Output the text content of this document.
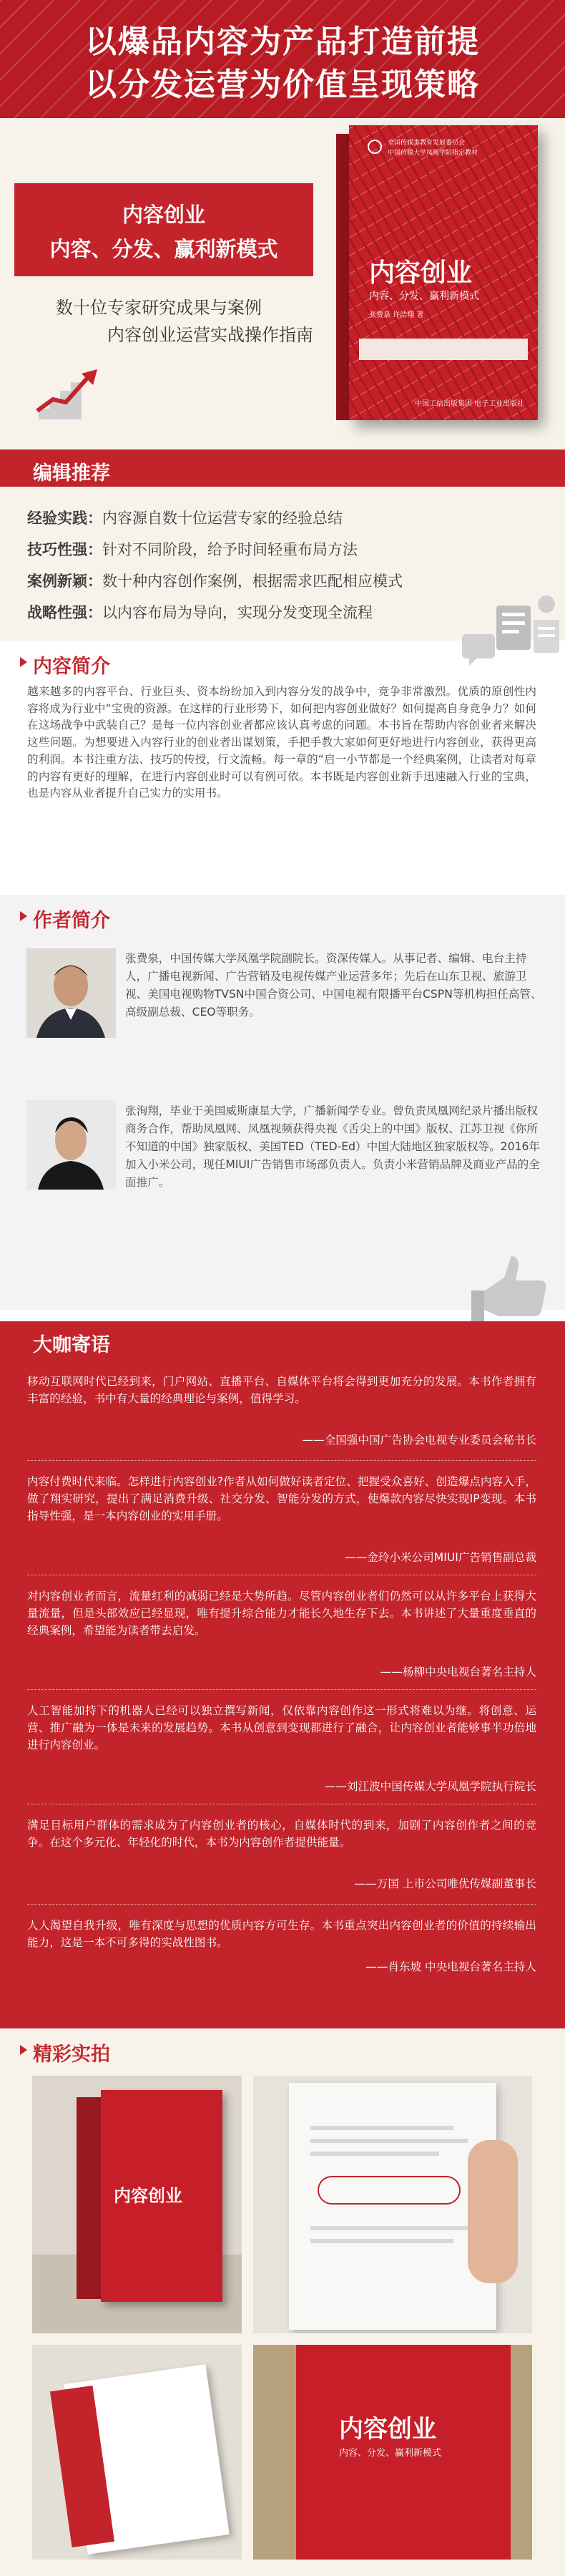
以爆品内容为产品打造前提
以分发运营为价值呈现策略
内容创业
内容、分发、赢利新模式
数十位专家研究成果与案例
内容创业运营实战操作指南
全国传媒类教育发展委员会
中国传媒大学凤凰学院指定教材
内容创业
内容、分发、赢利新模式
张费泉 许浩翔 著
中国工信出版集团 电子工业出版社
编辑推荐
经验实践：内容源自数十位运营专家的经验总结
技巧性强：针对不同阶段，给予时间轻重布局方法
案例新颖：数十种内容创作案例，根据需求匹配相应模式
战略性强：以内容布局为导向，实现分发变现全流程
内容简介
越来越多的内容平台、行业巨头、资本纷纷加入到内容分发的战争中，竞争非常激烈。优质的原创性内容将成为行业中“宝贵的资源。在这样的行业形势下，如何把内容创业做好？如何提高自身竞争力？如何在这场战争中武装自己？是每一位内容创业者都应该认真考虑的问题。本书旨在帮助内容创业者来解决这些问题。为想要进入内容行业的创业者出谋划策，手把手教大家如何更好地进行内容创业，获得更高的利润。本书注重方法、技巧的传授，行文流畅。每一章的“启一小节都是一个经典案例，让读者对每章的内容有更好的理解，在进行内容创业时可以有例可依。本书既是内容创业新手迅速融入行业的宝典，也是内容从业者提升自己实力的实用书。
作者简介
张费泉，中国传媒大学凤凰学院副院长。资深传媒人。从事记者、编辑、电台主持人，广播电视新闻、广告营销及电视传媒产业运营多年；先后在山东卫视、旅游卫视、美国电视购物TVSN中国合资公司、中国电视有限播平台CSPN等机构担任高管、高级副总裁、CEO等职务。
张洵翔，毕业于美国威斯康星大学，广播新闻学专业。曾负责凤凰网纪录片播出版权商务合作，帮助凤凰网、凤凰视频获得央视《舌尖上的中国》版权、江苏卫视《你所不知道的中国》独家版权、美国TED（TED-Ed）中国大陆地区独家版权等。2016年加入小米公司，现任MIUI广告销售市场部负责人。负责小米营销品牌及商业产品的全面推广。
大咖寄语

移动互联网时代已经到来，门户网站、直播平台、自媒体平台将会得到更加充分的发展。本书作者拥有丰富的经验，书中有大量的经典理论与案例，值得学习。

——全国强中国广告协会电视专业委员会秘书长

内容付费时代来临。怎样进行内容创业?作者从如何做好读者定位、把握受众喜好、创造爆点内容入手，做了翔实研究，提出了满足消费升级、社交分发、智能分发的方式，使爆款内容尽快实现IP变现。本书指导性强，是一本内容创业的实用手册。

——金玲小米公司MIUI广告销售副总裁

对内容创业者而言，流量红利的减弱已经是大势所趋。尽管内容创业者们仍然可以从许多平台上获得大量流量，但是头部效应已经显现，唯有提升综合能力才能长久地生存下去。本书讲述了大量重度垂直的经典案例，希望能为读者带去启发。

——杨柳中央电视台著名主持人

人工智能加持下的机器人已经可以独立撰写新闻，仅依靠内容创作这一形式将难以为继。将创意、运营、推广融为一体是未来的发展趋势。本书从创意到变现都进行了融合，让内容创业者能够事半功倍地进行内容创业。

——刘江波中国传媒大学凤凰学院执行院长

满足目标用户群体的需求成为了内容创业者的核心，自媒体时代的到来，加剧了内容创作者之间的竞争。在这个多元化、年轻化的时代，本书为内容创作者提供能量。

——万国 上市公司唯优传媒副董事长

人人渴望自我升级，唯有深度与思想的优质内容方可生存。本书重点突出内容创业者的价值的持续输出能力，这是一本不可多得的实战性图书。

——肖东坡 中央电视台著名主持人
精彩实拍
内容创业
内容创业
内容、分发、赢利新模式
